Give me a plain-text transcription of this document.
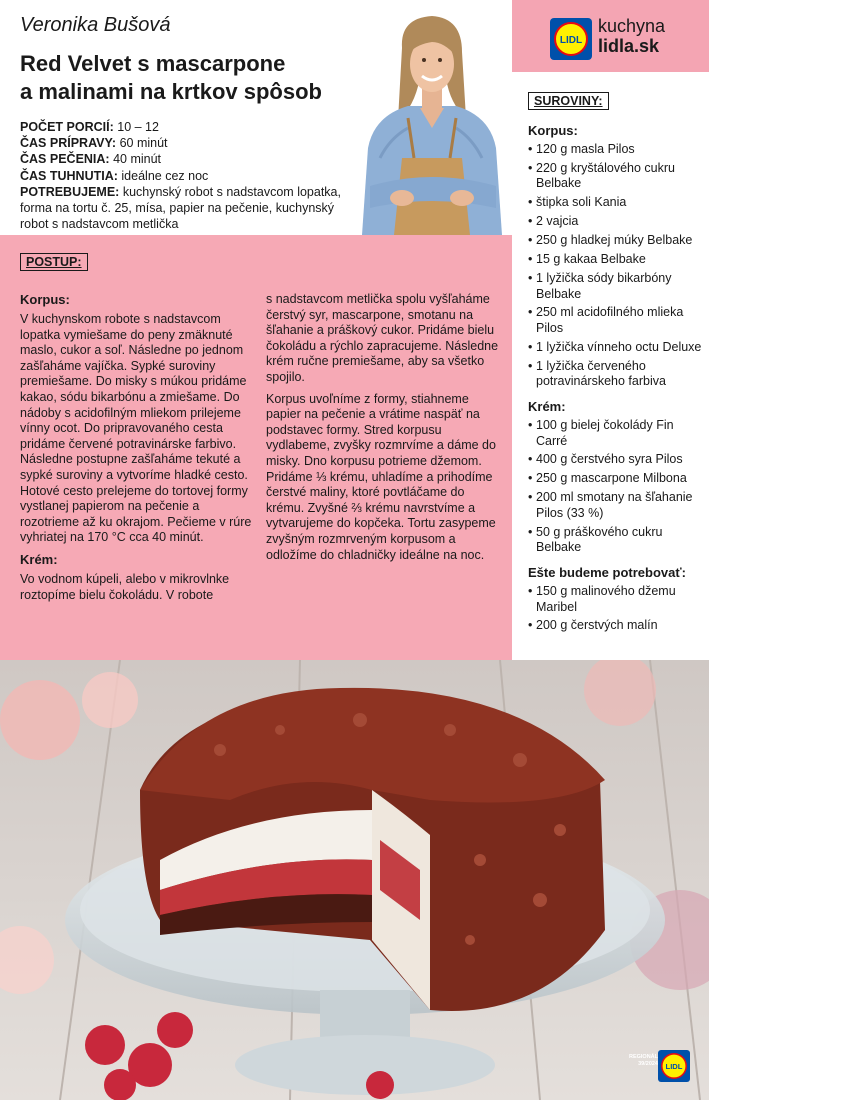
Veronika Bušová
Red Velvet s mascarpone
a malinami na krtkov spôsob
POČET PORCIÍ: 10 – 12
ČAS PRÍPRAVY: 60 minút
ČAS PEČENIA: 40 minút
ČAS TUHNUTIA: ideálne cez noc
POTREBUJEME: kuchynský robot s nadstavcom lopatka, forma na tortu č. 25, mísa, papier na pečenie, kuchynský robot s nadstavcom metlička
LIDL
kuchyna
lidla.sk
SUROVINY:
Korpus:
• 120 g masla Pilos
• 220 g kryštálového cukru Belbake
• štipka soli Kania
• 2 vajcia
• 250 g hladkej múky Belbake
• 15 g kakaa Belbake
• 1 lyžička sódy bikarbóny Belbake
• 250 ml acidofilného mlieka Pilos
• 1 lyžička vínneho octu Deluxe
• 1 lyžička červeného potravinárskeho farbiva
Krém:
• 100 g bielej čokolády Fin Carré
• 400 g čerstvého syra Pilos
• 250 g mascarpone Milbona
• 200 ml smotany na šľahanie Pilos (33 %)
• 50 g práškového cukru Belbake
Ešte budeme potrebovať:
• 150 g malinového džemu Maribel
• 200 g čerstvých malín
POSTUP:
Korpus:

V kuchynskom robote s nadstavcom lopatka vymiešame do peny zmäknuté maslo, cukor a soľ. Následne po jednom zašľaháme vajíčka. Sypké suroviny premiešame. Do misky s múkou pridáme kakao, sódu bikarbónu a zmiešame. Do nádoby s acidofilným mliekom prilejeme vínny ocot. Do pripravovaného cesta pridáme červené potravinárske farbivo. Následne postupne zašľaháme tekuté a sypké suroviny a vytvoríme hladké cesto. Hotové cesto prelejeme do tortovej formy vystlanej papierom na pečenie a rozotrieme až ku okrajom. Pečieme v rúre vyhriatej na 170 °C cca 40 minút.

Krém:

Vo vodnom kúpeli, alebo v mikrovlnke roztopíme bielu čokoládu. V robote

s nadstavcom metlička spolu vyšľaháme čerstvý syr, mascarpone, smotanu na šľahanie a práškový cukor. Pridáme bielu čokoládu a rýchlo zapracujeme. Následne krém ručne premiešame, aby sa všetko spojilo.

Korpus uvoľníme z formy, stiahneme papier na pečenie a vrátime naspäť na podstavec formy. Stred korpusu vydlabeme, zvyšky rozmrvíme a dáme do misky. Dno korpusu potrieme džemom. Pridáme ⅓ krému, uhladíme a prihodíme čerstvé maliny, ktoré povtláčame do krému. Zvyšné ⅔ krému navrstvíme a vytvarujeme do kopčeka. Tortu zasypeme zvyšným rozmrveným korpusom a odložíme do chladničky ideálne na noc.

REGIONÁL
39/2024 LIDL
